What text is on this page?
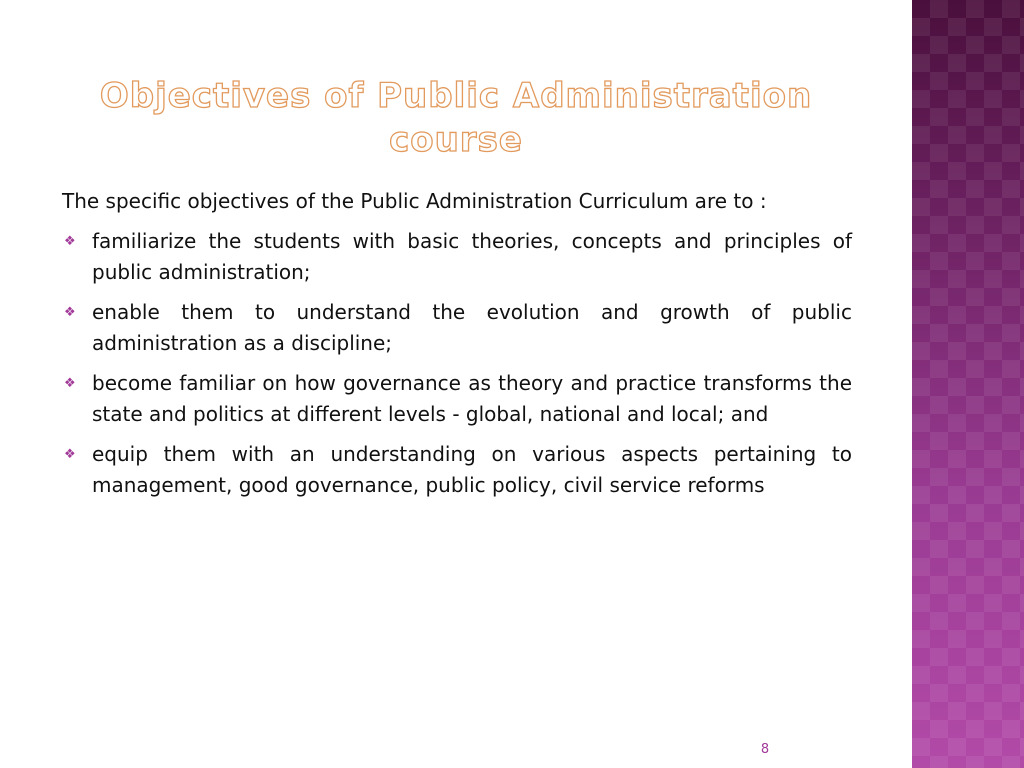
Objectives of Public Administration
course

The specific objectives of the Public Administration Curriculum are to :

❖ familiarize the students with basic theories, concepts and principles of public administration;
❖ enable them to understand the evolution and growth of public administration as a discipline;
❖ become familiar on how governance as theory and practice transforms the state and politics at different levels - global, national and local; and
❖ equip them with an understanding on various aspects pertaining to management, good governance, public policy, civil service reforms
8
